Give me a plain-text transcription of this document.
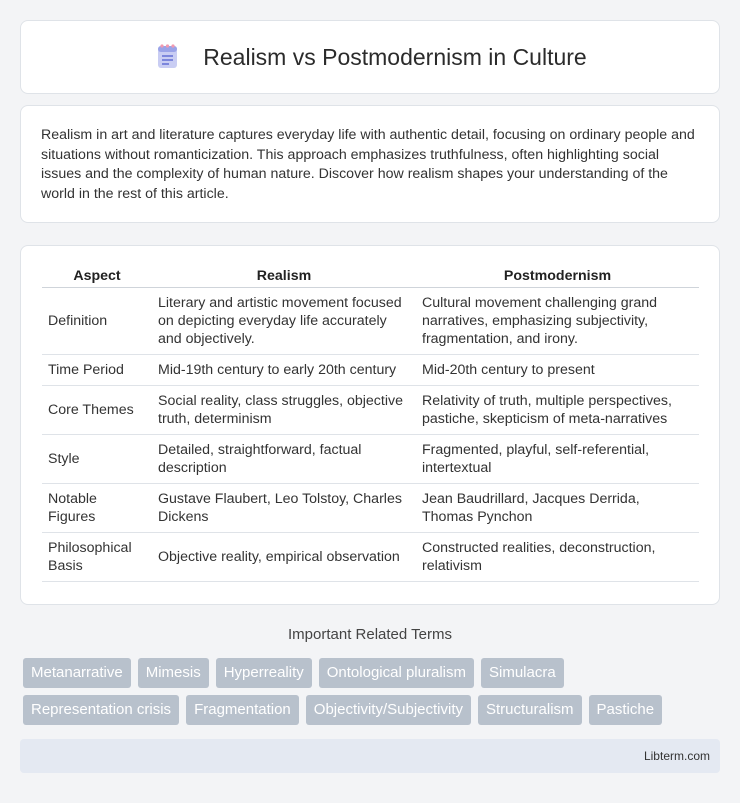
Realism vs Postmodernism in Culture

Realism in art and literature captures everyday life with authentic detail, focusing on ordinary people and situations without romanticization. This approach emphasizes truthfulness, often highlighting social issues and the complexity of human nature. Discover how realism shapes your understanding of the world in the rest of this article.

Aspect	Realism	Postmodernism
Definition	Literary and artistic movement focused on depicting everyday life accurately and objectively.	Cultural movement challenging grand narratives, emphasizing subjectivity, fragmentation, and irony.
Time Period	Mid-19th century to early 20th century	Mid-20th century to present
Core Themes	Social reality, class struggles, objective truth, determinism	Relativity of truth, multiple perspectives, pastiche, skepticism of meta-narratives
Style	Detailed, straightforward, factual description	Fragmented, playful, self-referential, intertextual
Notable Figures	Gustave Flaubert, Leo Tolstoy, Charles Dickens	Jean Baudrillard, Jacques Derrida, Thomas Pynchon
Philosophical Basis	Objective reality, empirical observation	Constructed realities, deconstruction, relativism
Important Related Terms
Metanarrative	Mimesis	Hyperreality	Ontological pluralism	Simulacra
Representation crisis	Fragmentation	Objectivity/Subjectivity	Structuralism	Pastiche
Libterm.com
